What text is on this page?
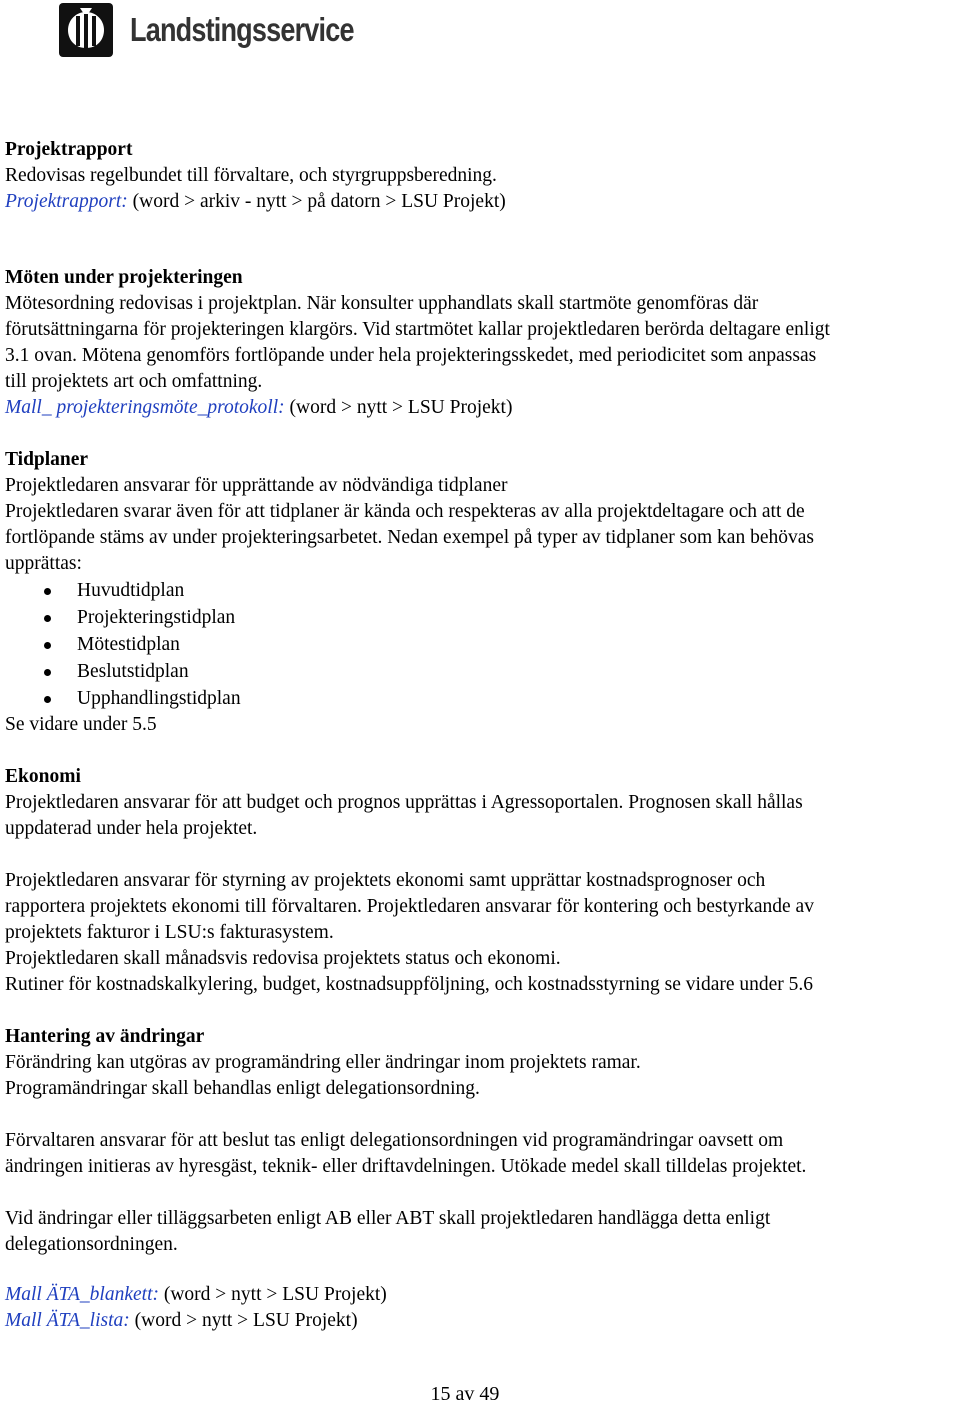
Landstingsservice

Projektrapport

Redovisas regelbundet till förvaltare, och styrgruppsberedning.

Projektrapport: (word > arkiv - nytt > på datorn > LSU Projekt)

Möten under projekteringen

Mötesordning redovisas i projektplan. När konsulter upphandlats skall startmöte genomföras där

förutsättningarna för projekteringen klargörs. Vid startmötet kallar projektledaren berörda deltagare enligt

3.1 ovan. Mötena genomförs fortlöpande under hela projekteringsskedet, med periodicitet som anpassas

till projektets art och omfattning.

Mall_ projekteringsmöte_protokoll: (word > nytt > LSU Projekt)

Tidplaner

Projektledaren ansvarar för upprättande av nödvändiga tidplaner

Projektledaren svarar även för att tidplaner är kända och respekteras av alla projektdeltagare och att de

fortlöpande stäms av under projekteringsarbetet. Nedan exempel på typer av tidplaner som kan behövas

upprättas:

Huvudtidplan
Projekteringstidplan
Mötestidplan
Beslutstidplan
Upphandlingstidplan

Se vidare under 5.5

Ekonomi

Projektledaren ansvarar för att budget och prognos upprättas i Agressoportalen. Prognosen skall hållas

uppdaterad under hela projektet.

Projektledaren ansvarar för styrning av projektets ekonomi samt upprättar kostnadsprognoser och

rapportera projektets ekonomi till förvaltaren. Projektledaren ansvarar för kontering och bestyrkande av

projektets fakturor i LSU:s fakturasystem.

Projektledaren skall månadsvis redovisa projektets status och ekonomi.

Rutiner för kostnadskalkylering, budget, kostnadsuppföljning, och kostnadsstyrning se vidare under 5.6

Hantering av ändringar

Förändring kan utgöras av programändring eller ändringar inom projektets ramar.

Programändringar skall behandlas enligt delegationsordning.

Förvaltaren ansvarar för att beslut tas enligt delegationsordningen vid programändringar oavsett om

ändringen initieras av hyresgäst, teknik- eller driftavdelningen. Utökade medel skall tilldelas projektet.

Vid ändringar eller tilläggsarbeten enligt AB eller ABT skall projektledaren handlägga detta enligt

delegationsordningen.

Mall ÄTA_blankett: (word > nytt > LSU Projekt)

Mall ÄTA_lista: (word > nytt > LSU Projekt)

15 av 49
